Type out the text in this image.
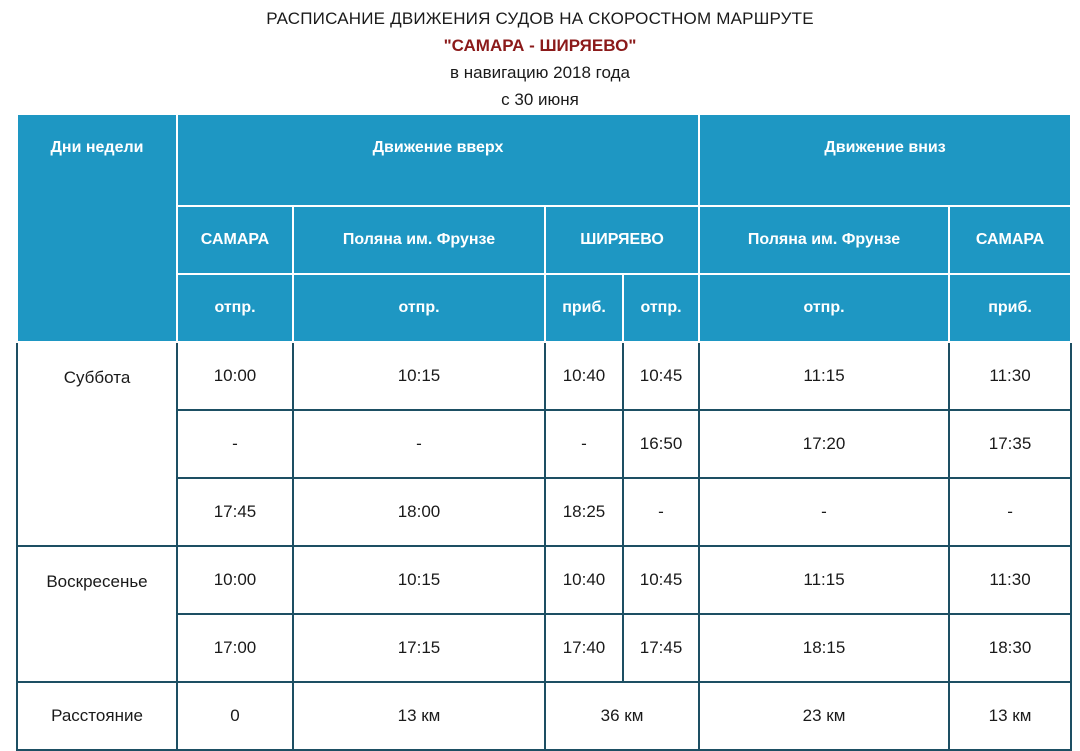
РАСПИСАНИЕ ДВИЖЕНИЯ СУДОВ НА СКОРОСТНОМ МАРШРУТЕ
"САМАРА - ШИРЯЕВО"
в навигацию 2018 года
с 30 июня
Дни недели	Движение вверх				Движение вниз	
	САМАРА	Поляна им. Фрунзе	ШИРЯЕВО		Поляна им. Фрунзе	САМАРА
	отпр.	отпр.	приб.	отпр.	отпр.	приб.
Суббота	10:00	10:15	10:40	10:45	11:15	11:30
	-	-	-	16:50	17:20	17:35
	17:45	18:00	18:25	-	-	-
Воскресенье	10:00	10:15	10:40	10:45	11:15	11:30
	17:00	17:15	17:40	17:45	18:15	18:30
Расстояние	0	13 км	36 км		23 км	13 км
